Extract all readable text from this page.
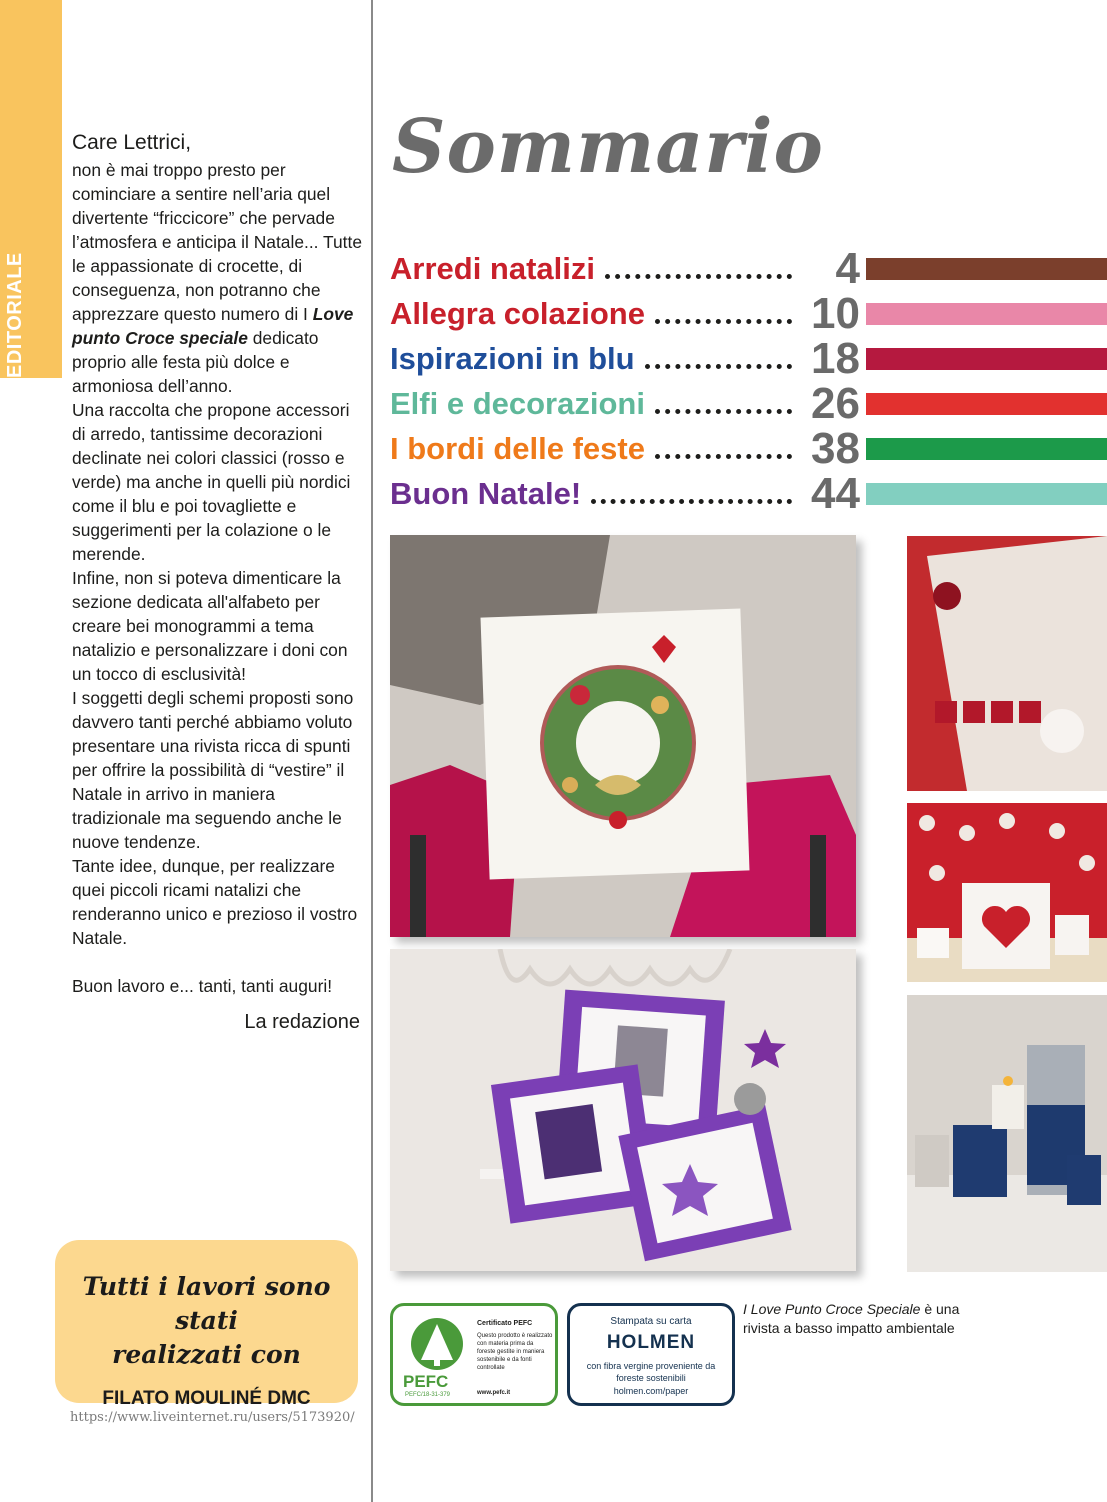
EDITORIALE

Care Lettrici,

non è mai troppo presto per cominciare a sentire nell’aria quel divertente “friccicore” che pervade l’atmosfera e anticipa il Natale... Tutte le appassionate di crocette, di conseguenza, non potranno che apprezzare questo numero di I Love punto Croce speciale dedicato proprio alle festa più dolce e armoniosa dell’anno.

Una raccolta che propone accessori di arredo, tantissime decorazioni declinate nei colori classici (rosso e verde) ma anche in quelli più nordici come il blu e poi tovagliette e suggerimenti per la colazione o le merende.

Infine, non si poteva dimenticare la sezione dedicata all'alfabeto per creare bei monogrammi a tema natalizio e personalizzare i doni con un tocco di esclusività!

I soggetti degli schemi proposti sono davvero tanti perché abbiamo voluto presentare una rivista ricca di spunti per offrire la possibilità di “vestire” il Natale in arrivo in maniera tradizionale ma seguendo anche le nuove tendenze.

Tante idee, dunque, per realizzare quei piccoli ricami natalizi che renderanno unico e prezioso il vostro Natale.

Buon lavoro e... tanti, tanti auguri!

La redazione

Tutti i lavori sono stati
realizzati con
FILATO MOULINÉ DMC
https://www.liveinternet.ru/users/5173920/
Sommario
Arredi natalizi	4
Allegra colazione	10
Ispirazioni in blu	18
Elfi e decorazioni	26
I bordi delle feste	38
Buon Natale!	44
PEFC
PEFC/18-31-379
Certificato PEFC
Questo prodotto è realizzato con materia prima da foreste gestite in maniera sostenibile e da fonti controllate
www.pefc.it
Stampata su carta
HOLMEN
con fibra vergine proveniente da foreste sostenibili
holmen.com/paper
I Love Punto Croce Speciale è una rivista a basso impatto ambientale
